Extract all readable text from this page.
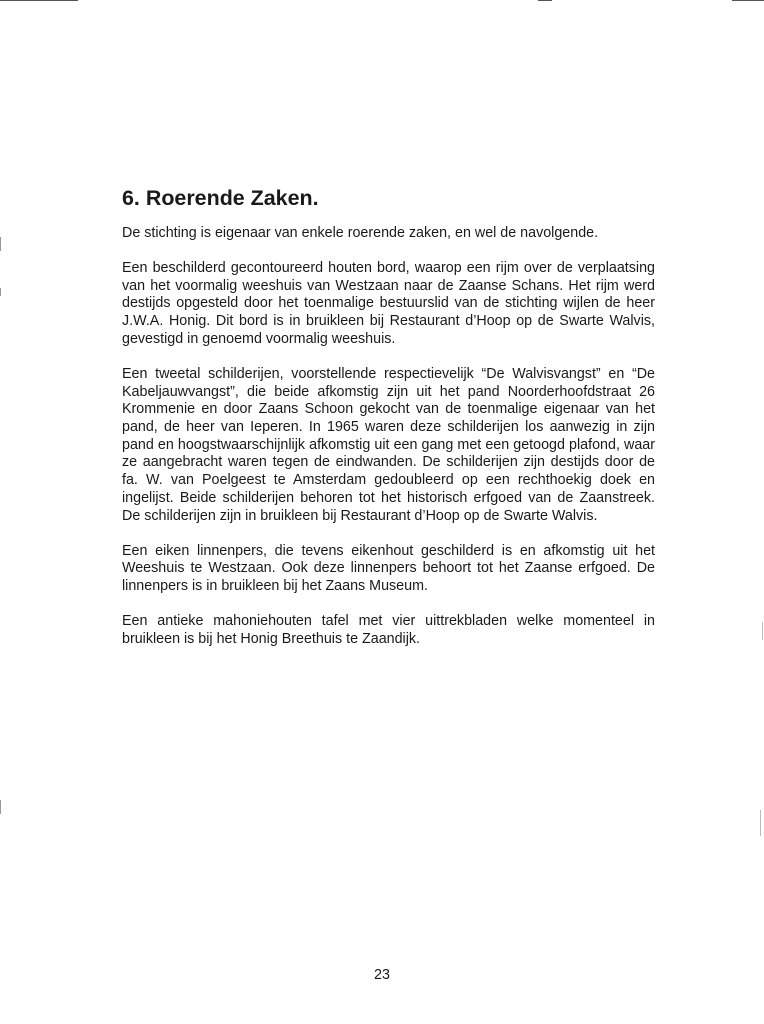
6. Roerende Zaken.

De stichting is eigenaar van enkele roerende zaken, en wel de navolgende.

Een beschilderd gecontoureerd houten bord, waarop een rijm over de verplaatsing van het voormalig weeshuis van Westzaan naar de Zaanse Schans. Het rijm werd destijds opgesteld door het toenmalige bestuurslid van de stichting wijlen de heer J.W.A. Honig. Dit bord is in bruikleen bij Restaurant d’Hoop op de Swarte Walvis, gevestigd in genoemd voormalig weeshuis.

Een tweetal schilderijen, voorstellende respectievelijk “De Walvisvangst” en “De Kabeljauwvangst”, die beide afkomstig zijn uit het pand Noorderhoofdstraat 26 Krommenie en door Zaans Schoon gekocht van de toenmalige eigenaar van het pand, de heer van Ieperen. In 1965 waren deze schilderijen los aanwezig in zijn pand en hoogstwaarschijnlijk afkomstig uit een gang met een getoogd plafond, waar ze aangebracht waren tegen de eindwanden. De schilderijen zijn destijds door de fa. W. van Poelgeest te Amsterdam gedoubleerd op een rechthoekig doek en ingelijst. Beide schilderijen behoren tot het historisch erfgoed van de Zaanstreek. De schilderijen zijn in bruikleen bij Restaurant d’Hoop op de Swarte Walvis.

Een eiken linnenpers, die tevens eikenhout geschilderd is en afkomstig uit het Weeshuis te Westzaan. Ook deze linnenpers behoort tot het Zaanse erfgoed. De linnenpers is in bruikleen bij het Zaans Museum.

Een antieke mahoniehouten tafel met vier uittrekbladen welke momenteel in bruikleen is bij het Honig Breethuis te Zaandijk.

23
